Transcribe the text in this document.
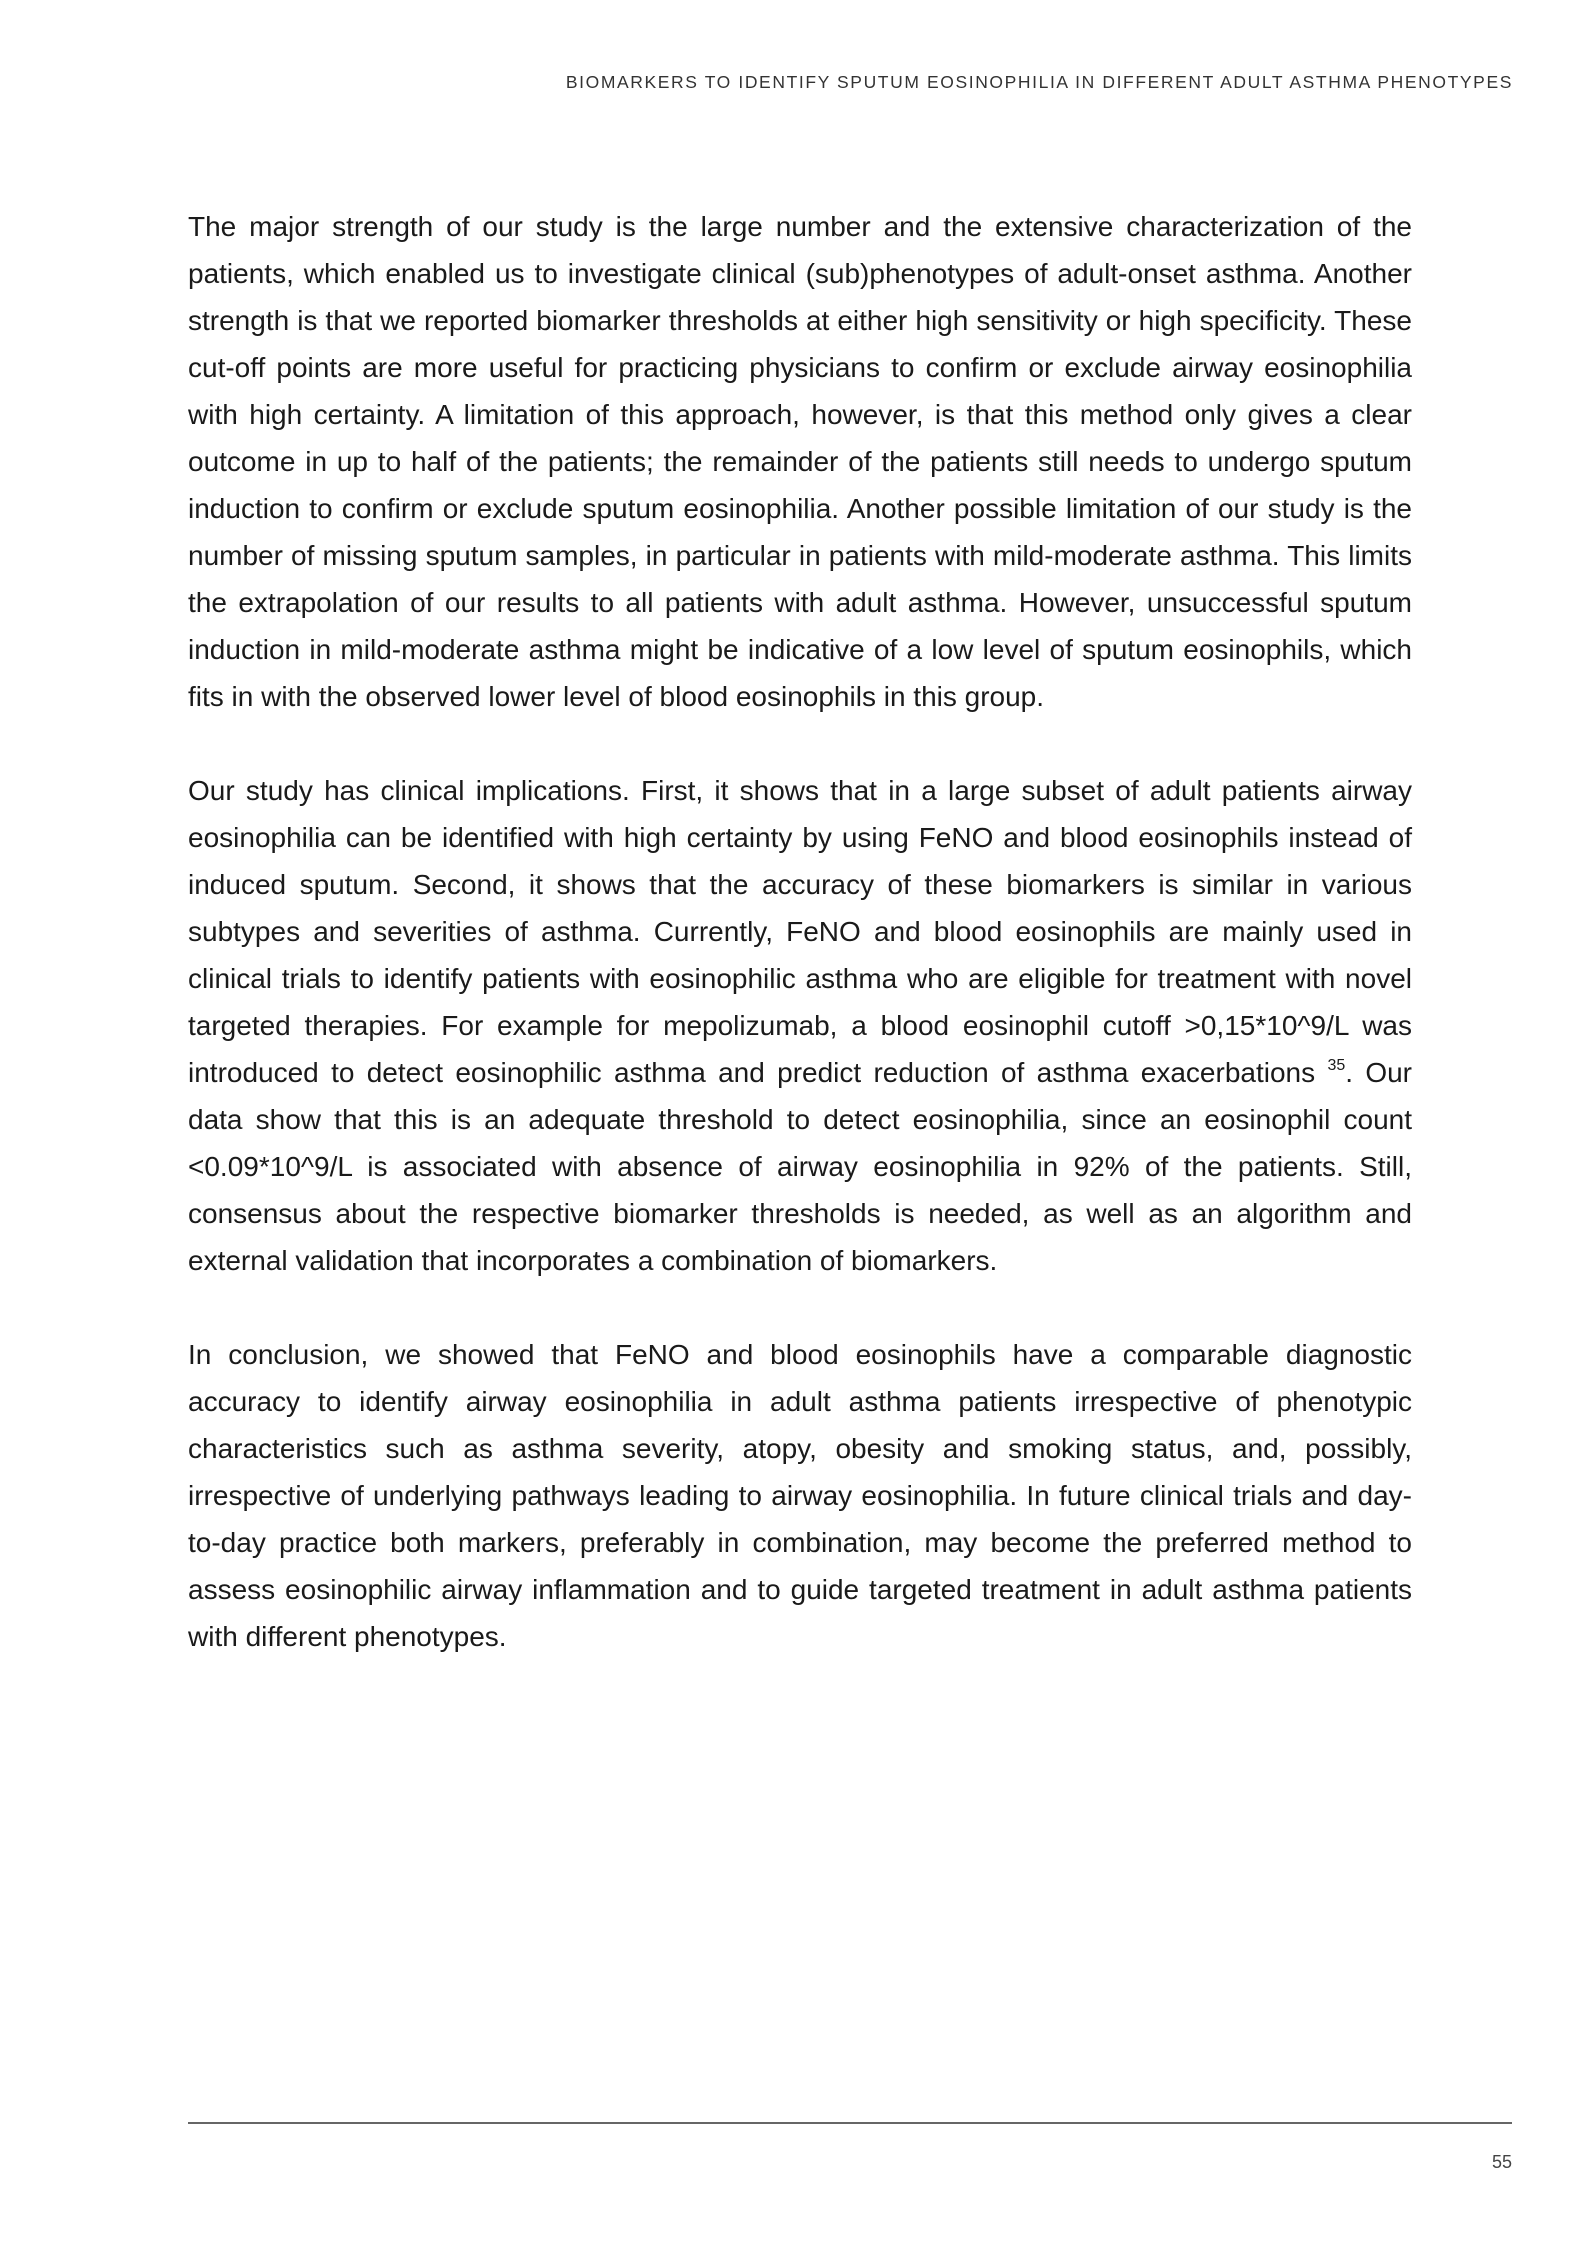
BIOMARKERS TO IDENTIFY SPUTUM EOSINOPHILIA IN DIFFERENT ADULT ASTHMA PHENOTYPES

The major strength of our study is the large number and the extensive characterization of the patients, which enabled us to investigate clinical (sub)phenotypes of adult-onset asthma. Another strength is that we reported biomarker thresholds at either high sensitivity or high specificity. These cut-off points are more useful for practicing physicians to confirm or exclude airway eosinophilia with high certainty. A limitation of this approach, however, is that this method only gives a clear outcome in up to half of the patients; the remainder of the patients still needs to undergo sputum induction to confirm or exclude sputum eosinophilia. Another possible limitation of our study is the number of missing sputum samples, in particular in patients with mild-moderate asthma. This limits the extrapolation of our results to all patients with adult asthma. However, unsuccessful sputum induction in mild-moderate asthma might be indicative of a low level of sputum eosinophils, which fits in with the observed lower level of blood eosinophils in this group.

Our study has clinical implications. First, it shows that in a large subset of adult patients airway eosinophilia can be identified with high certainty by using FeNO and blood eosinophils instead of induced sputum. Second, it shows that the accuracy of these biomarkers is similar in various subtypes and severities of asthma. Currently, FeNO and blood eosinophils are mainly used in clinical trials to identify patients with eosinophilic asthma who are eligible for treatment with novel targeted therapies. For example for mepolizumab, a blood eosinophil cutoff >0,15*10^9/L was introduced to detect eosinophilic asthma and predict reduction of asthma exacerbations $^{35}$. Our data show that this is an adequate threshold to detect eosinophilia, since an eosinophil count <0.09*10^9/L is associated with absence of airway eosinophilia in 92% of the patients. Still, consensus about the respective biomarker thresholds is needed, as well as an algorithm and external validation that incorporates a combination of biomarkers.

In conclusion, we showed that FeNO and blood eosinophils have a comparable diagnostic accuracy to identify airway eosinophilia in adult asthma patients irrespective of phenotypic characteristics such as asthma severity, atopy, obesity and smoking status, and, possibly, irrespective of underlying pathways leading to airway eosinophilia. In future clinical trials and day-to-day practice both markers, preferably in combination, may become the preferred method to assess eosinophilic airway inflammation and to guide targeted treatment in adult asthma patients with different phenotypes.

55
